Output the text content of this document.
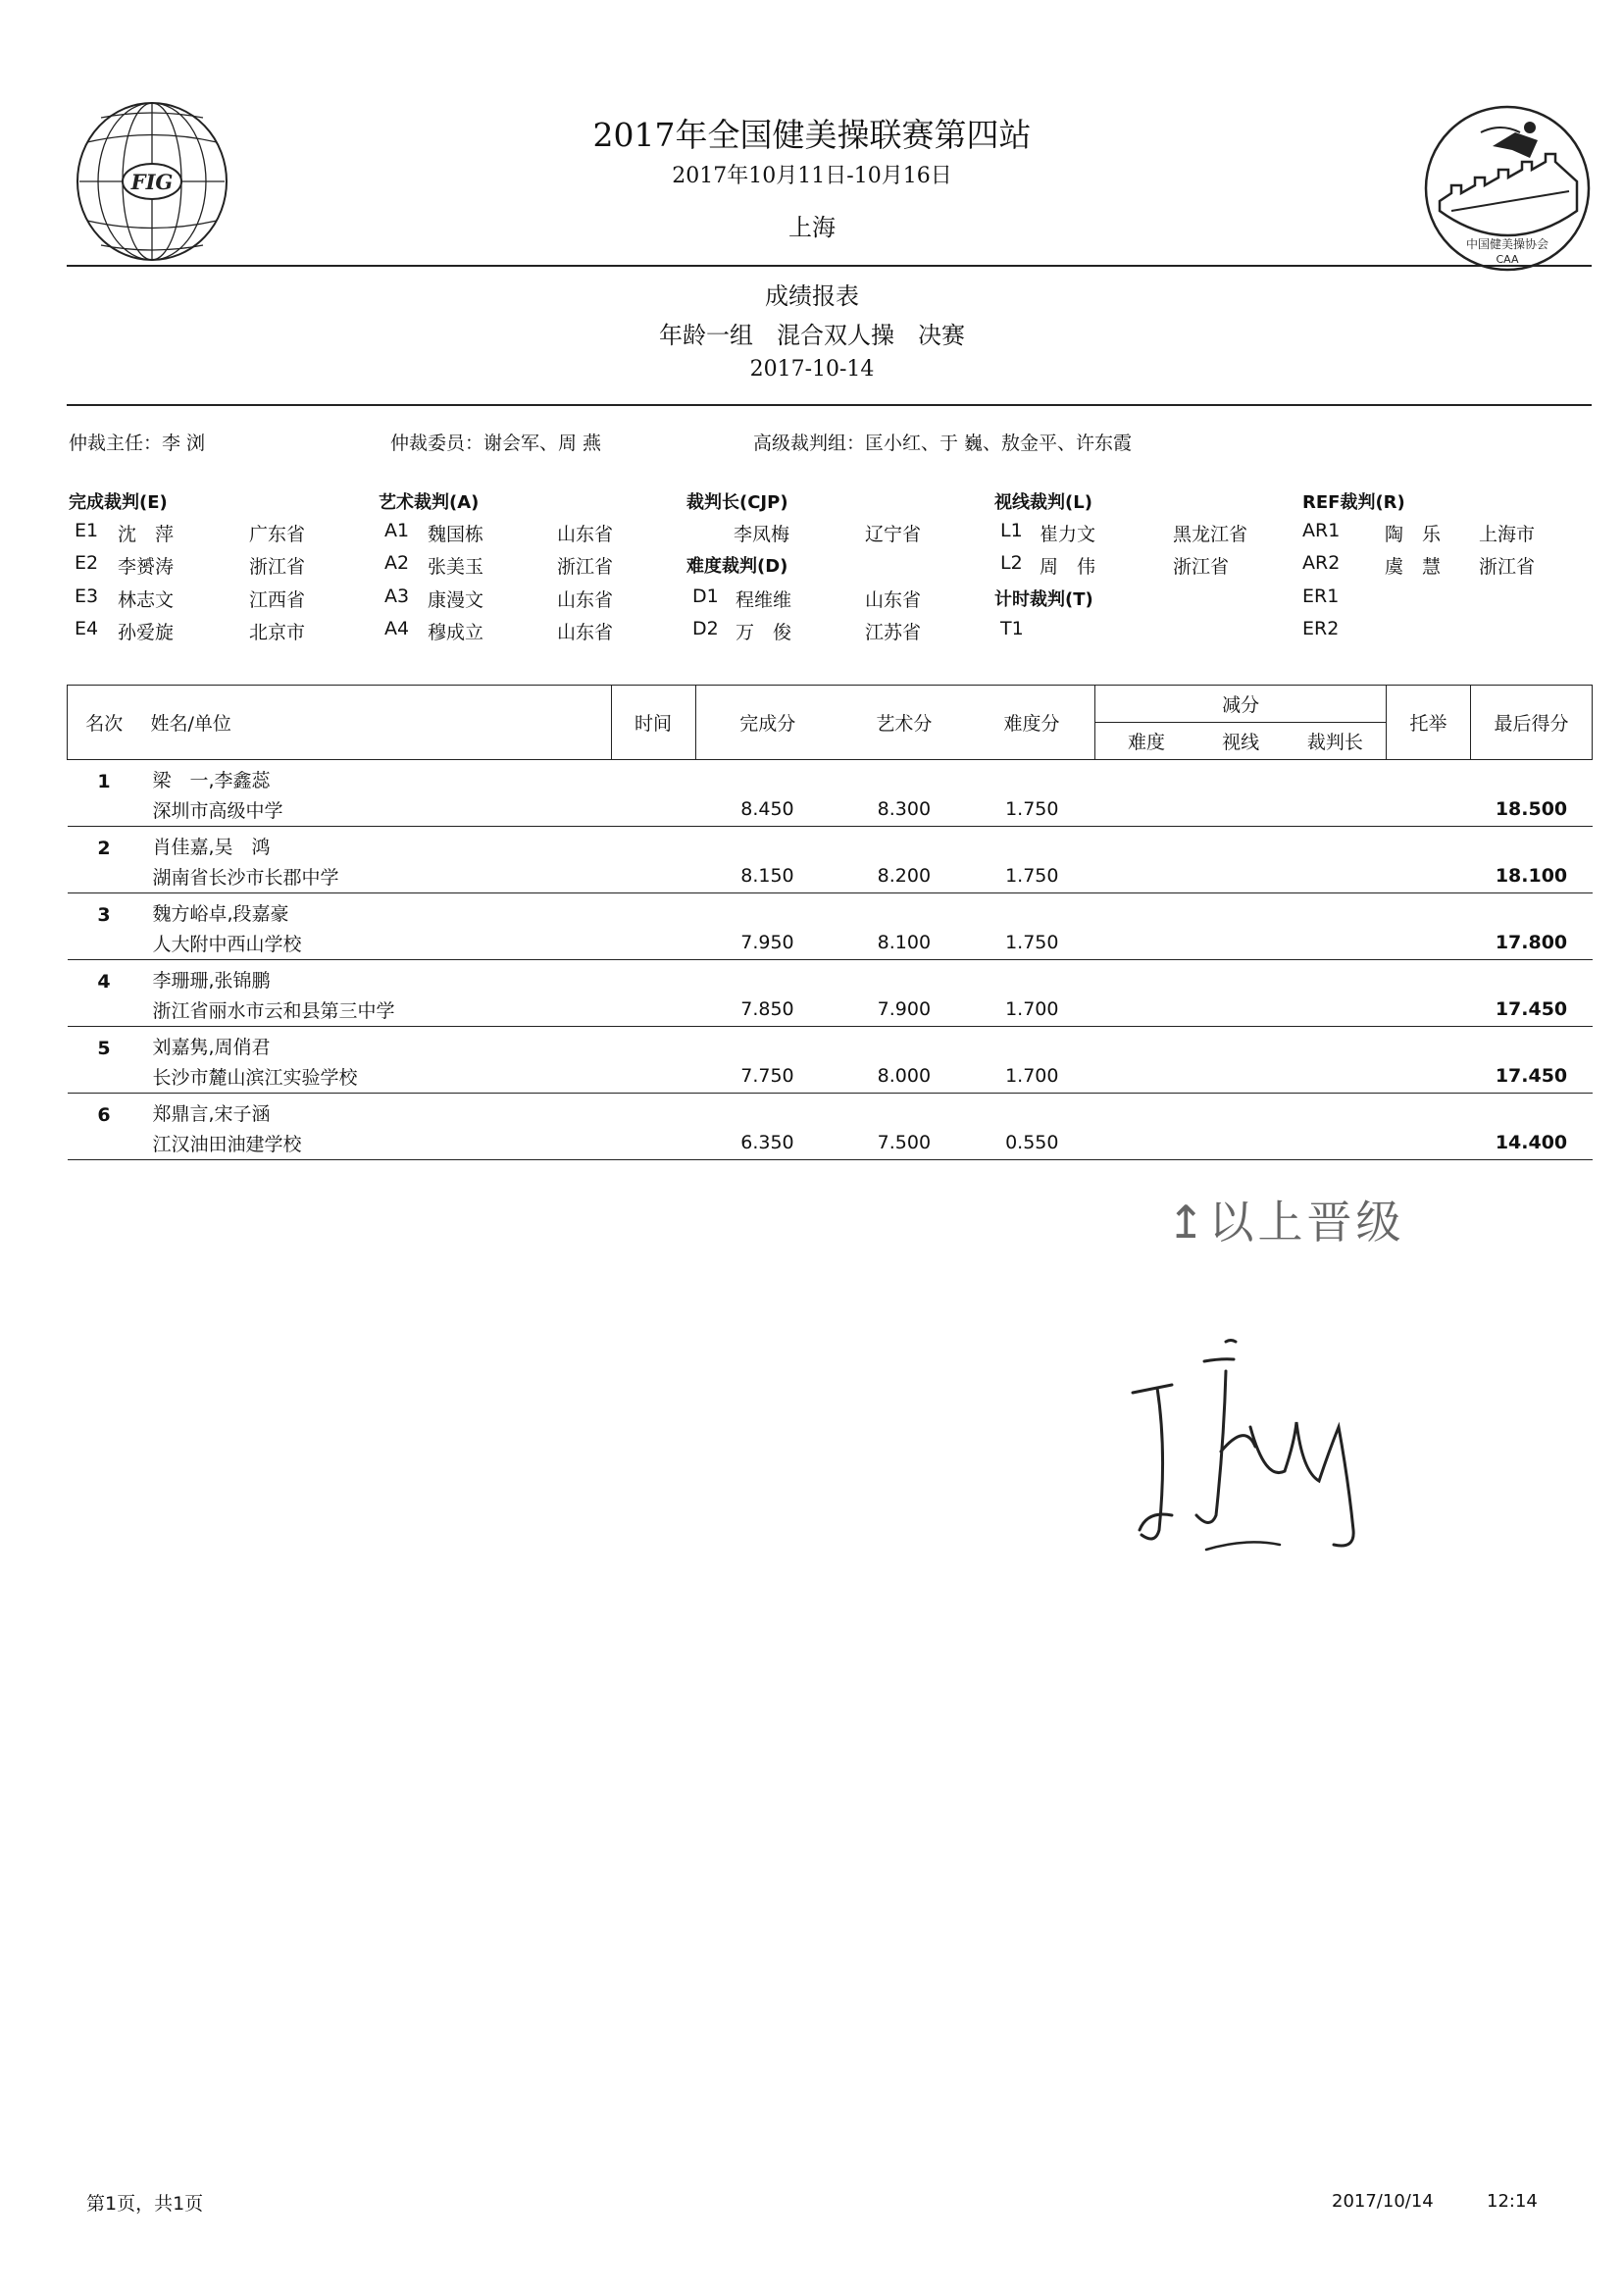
FIG
中国健美操协会
CAA
2017年全国健美操联赛第四站
2017年10月11日-10月16日
上海
成绩报表
年龄一组　混合双人操　决赛
2017-10-14
仲裁主任：李 浏	仲裁委员：谢会军、周 燕	高级裁判组：匡小红、于 巍、敖金平、许东霞
完成裁判(E)
E1 沈　萍	广东省
E2 李赟涛	浙江省
E3 林志文	江西省
E4 孙爱旋	北京市
艺术裁判(A)
A1 魏国栋	山东省
A2 张美玉	浙江省
A3 康漫文	山东省
A4 穆成立	山东省
裁判长(CJP)
李凤梅	辽宁省
难度裁判(D)
D1 程维维	山东省
D2 万　俊	江苏省
视线裁判(L)
L1 崔力文	黑龙江省
L2 周　伟	浙江省
计时裁判(T)
T1
REF裁判(R)
AR1 陶　乐 上海市
AR2 虞　慧 浙江省
ER1
ER2
名次	姓名/单位	时间	完成分	艺术分	难度分	减分			托举	最后得分
						难度	视线	裁判长		
1	梁　一,李鑫蕊									
	深圳市高级中学		8.450	8.300	1.750					18.500
2	肖佳嘉,吴　鸿									
	湖南省长沙市长郡中学		8.150	8.200	1.750					18.100
3	魏方峪卓,段嘉豪									
	人大附中西山学校		7.950	8.100	1.750					17.800
4	李珊珊,张锦鹏									
	浙江省丽水市云和县第三中学		7.850	7.900	1.700					17.450
5	刘嘉隽,周俏君									
	长沙市麓山滨江实验学校		7.750	8.000	1.700					17.450
6	郑鼎言,宋子涵									
	江汉油田油建学校		6.350	7.500	0.550					14.400
↥以上晋级
第1页，共1页	2017/10/14	12:14
